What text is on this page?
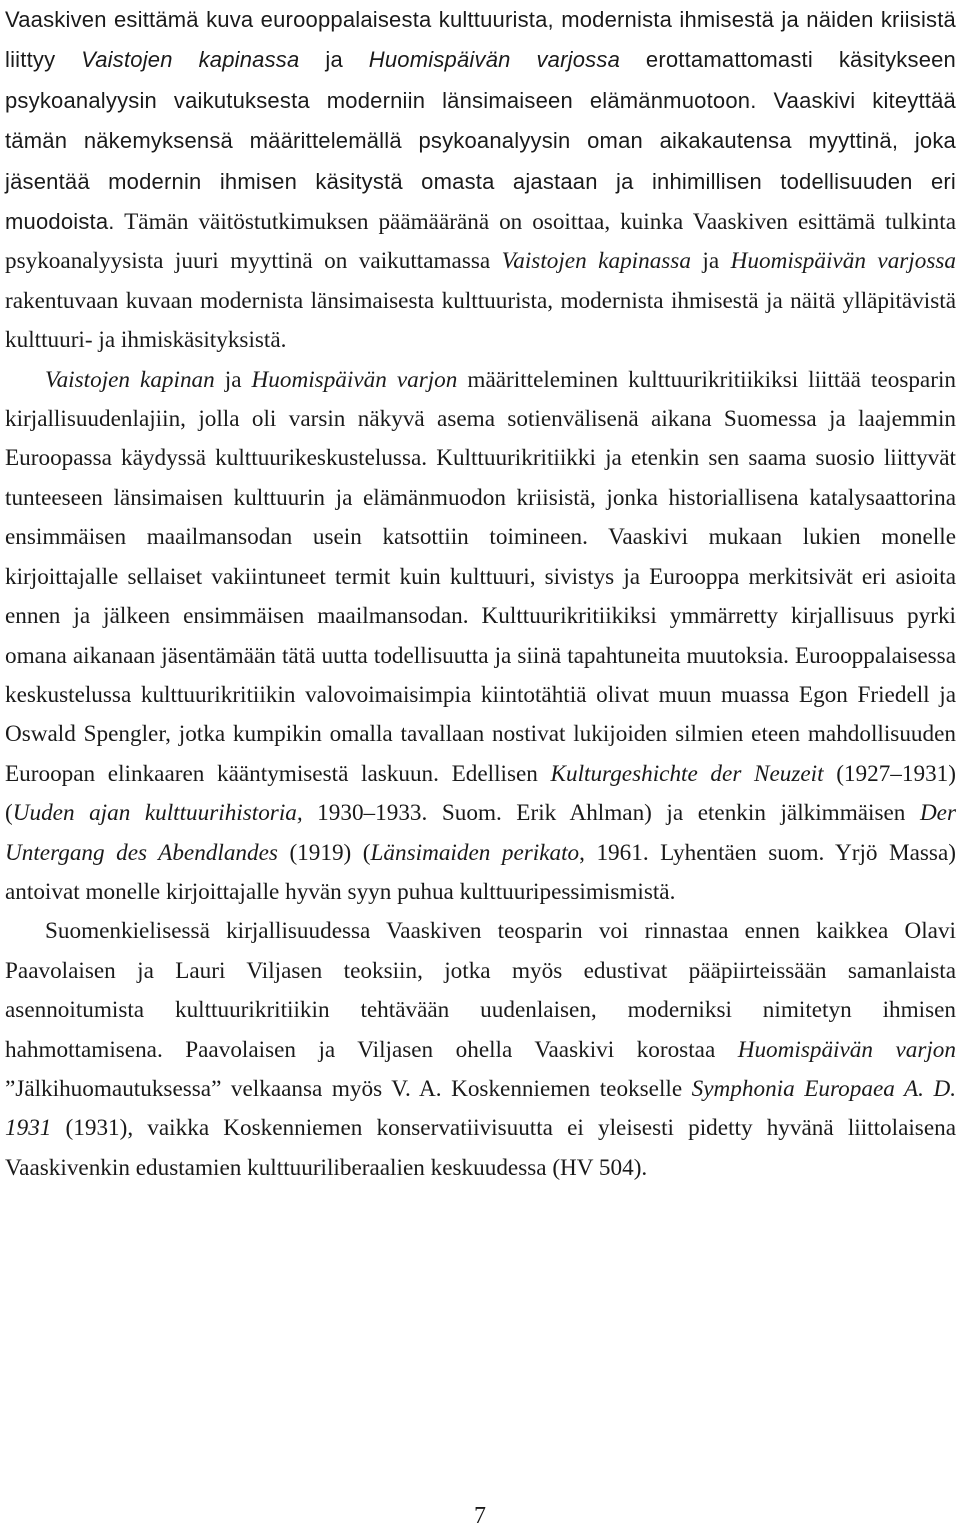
Vaaskiven esittämä kuva eurooppalaisesta kulttuurista, modernista ihmisestä ja näiden kriisistä liittyy Vaistojen kapinassa ja Huomispäivän varjossa erottamattomasti käsitykseen psykoanalyysin vaikutuksesta moderniin länsimaiseen elämänmuotoon. Vaaskivi kiteyttää tämän näkemyksensä määrittelemällä psykoanalyysin oman aikakautensa myyttinä, joka jäsentää modernin ihmisen käsitystä omasta ajastaan ja inhimillisen todellisuuden eri muodoista. Tämän väitöstutkimuksen päämääränä on osoittaa, kuinka Vaaskiven esittämä tulkinta psykoanalyysista juuri myyttinä on vaikuttamassa Vaistojen kapinassa ja Huomispäivän varjossa rakentuvaan kuvaan modernista länsimaisesta kulttuurista, modernista ihmisestä ja näitä ylläpitävistä kulttuuri- ja ihmiskäsityksistä.

Vaistojen kapinan ja Huomispäivän varjon määritteleminen kulttuurikritiikiksi liittää teosparin kirjallisuudenlajiin, jolla oli varsin näkyvä asema sotienvälisenä aikana Suomessa ja laajemmin Euroopassa käydyssä kulttuurikeskustelussa. Kulttuurikritiikki ja etenkin sen saama suosio liittyvät tunteeseen länsimaisen kulttuurin ja elämänmuodon kriisistä, jonka historiallisena katalysaattorina ensimmäisen maailmansodan usein katsottiin toimineen. Vaaskivi mukaan lukien monelle kirjoittajalle sellaiset vakiintuneet termit kuin kulttuuri, sivistys ja Eurooppa merkitsivät eri asioita ennen ja jälkeen ensimmäisen maailmansodan. Kulttuurikritiikiksi ymmärretty kirjallisuus pyrki omana aikanaan jäsentämään tätä uutta todellisuutta ja siinä tapahtuneita muutoksia. Eurooppalaisessa keskustelussa kulttuurikritiikin valovoimaisimpia kiintotähtiä olivat muun muassa Egon Friedell ja Oswald Spengler, jotka kumpikin omalla tavallaan nostivat lukijoiden silmien eteen mahdollisuuden Euroopan elinkaaren kääntymisestä laskuun. Edellisen Kulturgeshichte der Neuzeit (1927–1931) (Uuden ajan kulttuurihistoria, 1930–1933. Suom. Erik Ahlman) ja etenkin jälkimmäisen Der Untergang des Abendlandes (1919) (Länsimaiden perikato, 1961. Lyhentäen suom. Yrjö Massa) antoivat monelle kirjoittajalle hyvän syyn puhua kulttuuripessimismistä.

Suomenkielisessä kirjallisuudessa Vaaskiven teosparin voi rinnastaa ennen kaikkea Olavi Paavolaisen ja Lauri Viljasen teoksiin, jotka myös edustivat pääpiirteissään samanlaista asennoitumista kulttuurikritiikin tehtävään uudenlaisen, moderniksi nimitetyn ihmisen hahmottamisena. Paavolaisen ja Viljasen ohella Vaaskivi korostaa Huomispäivän varjon ”Jälkihuomautuksessa” velkaansa myös V. A. Koskenniemen teokselle Symphonia Europaea A. D. 1931 (1931), vaikka Koskenniemen konservatiivisuutta ei yleisesti pidetty hyvänä liittolaisena Vaaskivenkin edustamien kulttuuriliberaalien keskuudessa (HV 504).

7
